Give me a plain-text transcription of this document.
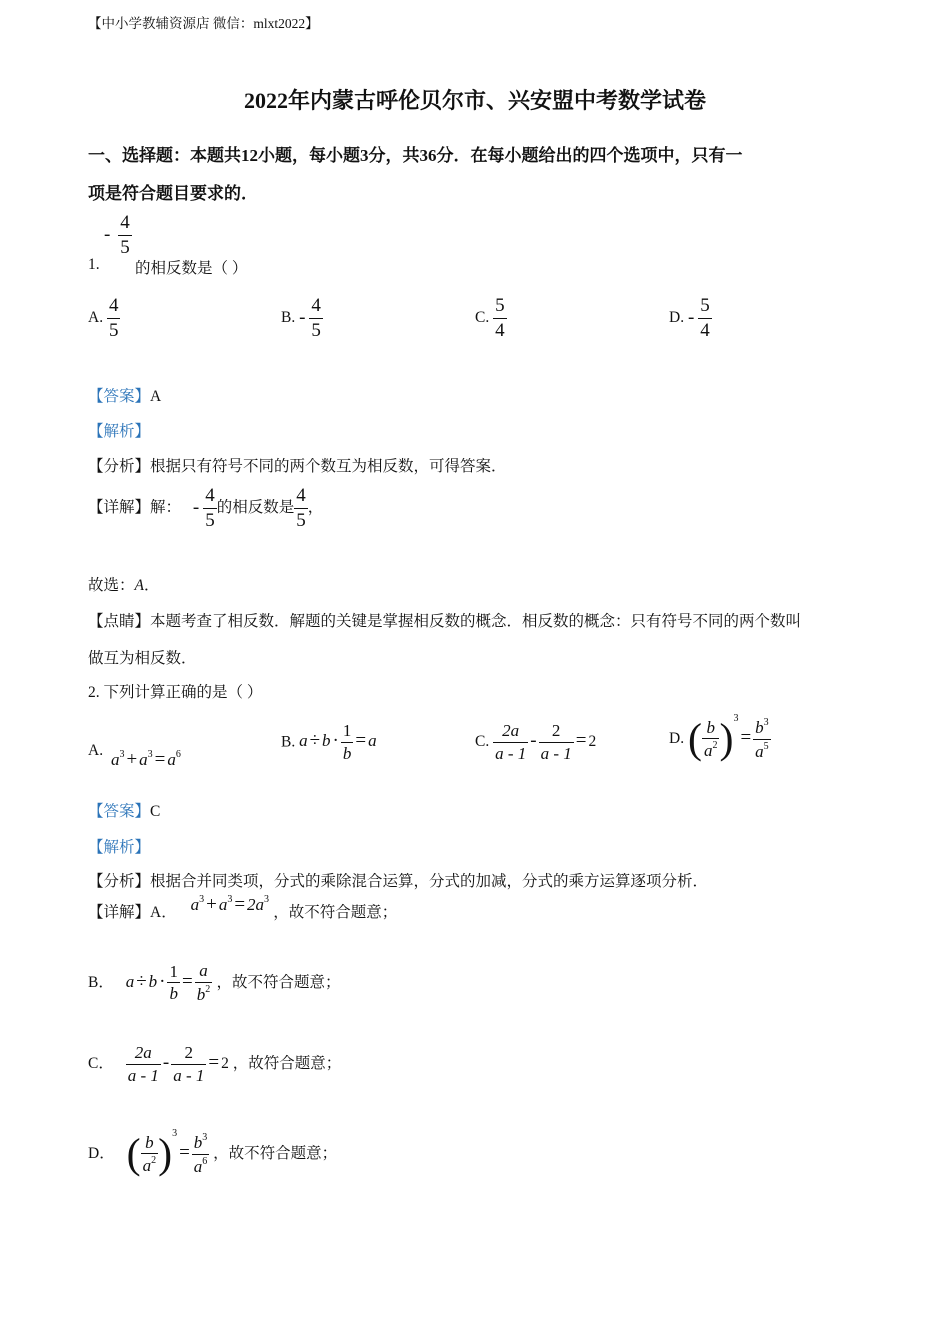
【中小学教辅资源店 微信：mlxt2022】
2022年内蒙古呼伦贝尔市、兴安盟中考数学试卷
一、选择题：本题共12小题，每小题3分，共36分．在每小题给出的四个选项中，只有一
项是符合题目要求的．
- $\frac{4}{5}$
1. 的相反数是（ ）
A. $\frac{4}{5}$	B. - $\frac{4}{5}$	C. $\frac{5}{4}$	D. - $\frac{5}{4}$
【答案】A
【解析】
【分析】根据只有符号不同的两个数互为相反数，可得答案．
【详解】解： - $\frac{4}{5}$ 的相反数是 $\frac{4}{5}$ ，
故选：A．
【点睛】本题考查了相反数．解题的关键是掌握相反数的概念．相反数的概念：只有符号不同的两个数叫
做互为相反数．
2. 下列计算正确的是（ ）
A. $a^3 + a^3 = a^6$
B. $a \div b \cdot \frac{1}{b} = a$	C. $\frac{2a}{a - 1} - \frac{2}{a - 1} = 2$	D. ( $\frac{b}{a^2} )^3= \frac{b^3}{a^5}$
【答案】C
【解析】
【分析】根据合并同类项，分式的乘除混合运算，分式的加减，分式的乘方运算逐项分析．
【详解】A． $a^3 + a^3 = 2a^3$ ，故不符合题意；
B． $a \div b \cdot \frac{1}{b} = \frac{a}{b^2}$ ，故不符合题意；
C． $\frac{2a}{a - 1} - \frac{2}{a - 1} = 2$ ，故符合题意；
D． ( $\frac{b}{a^2} )^3= \frac{b^3}{a^6}$ ，故不符合题意；
